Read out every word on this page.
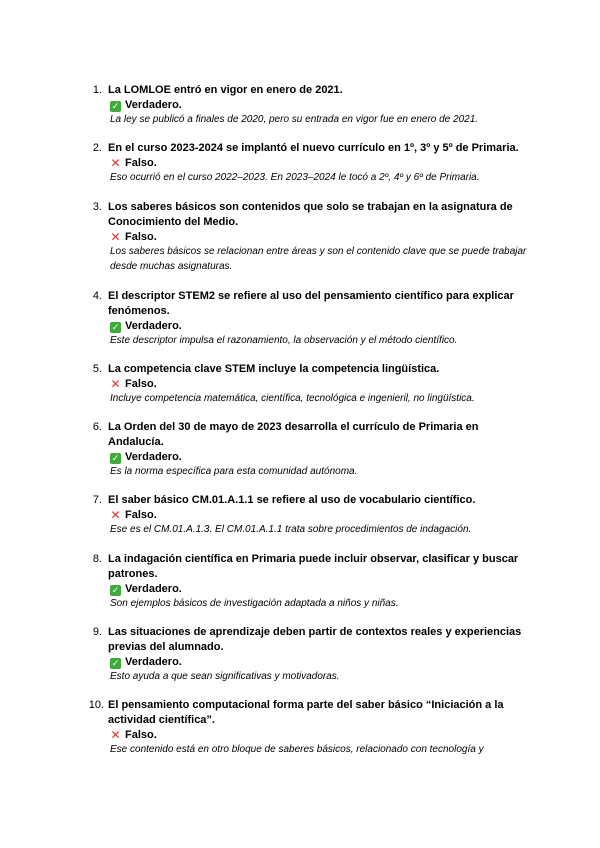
1. La LOMLOE entró en vigor en enero de 2021.

✓ Verdadero.

La ley se publicó a finales de 2020, pero su entrada en vigor fue en enero de 2021.

2. En el curso 2023-2024 se implantó el nuevo currículo en 1º, 3º y 5º de Primaria.

✕ Falso.

Eso ocurrió en el curso 2022–2023. En 2023–2024 le tocó a 2º, 4º y 6º de Primaria.

3. Los saberes básicos son contenidos que solo se trabajan en la asignatura de Conocimiento del Medio.

✕ Falso.

Los saberes básicos se relacionan entre áreas y son el contenido clave que se puede trabajar desde muchas asignaturas.

4. El descriptor STEM2 se refiere al uso del pensamiento científico para explicar fenómenos.

✓ Verdadero.

Este descriptor impulsa el razonamiento, la observación y el método científico.

5. La competencia clave STEM incluye la competencia lingüística.

✕ Falso.

Incluye competencia matemática, científica, tecnológica e ingenieril, no lingüística.

6. La Orden del 30 de mayo de 2023 desarrolla el currículo de Primaria en Andalucía.

✓ Verdadero.

Es la norma específica para esta comunidad autónoma.

7. El saber básico CM.01.A.1.1 se refiere al uso de vocabulario científico.

✕ Falso.

Ese es el CM.01.A.1.3. El CM.01.A.1.1 trata sobre procedimientos de indagación.

8. La indagación científica en Primaria puede incluir observar, clasificar y buscar patrones.

✓ Verdadero.

Son ejemplos básicos de investigación adaptada a niños y niñas.

9. Las situaciones de aprendizaje deben partir de contextos reales y experiencias previas del alumnado.

✓ Verdadero.

Esto ayuda a que sean significativas y motivadoras.

10. El pensamiento computacional forma parte del saber básico “Iniciación a la actividad científica”.

✕ Falso.

Ese contenido está en otro bloque de saberes básicos, relacionado con tecnología y
